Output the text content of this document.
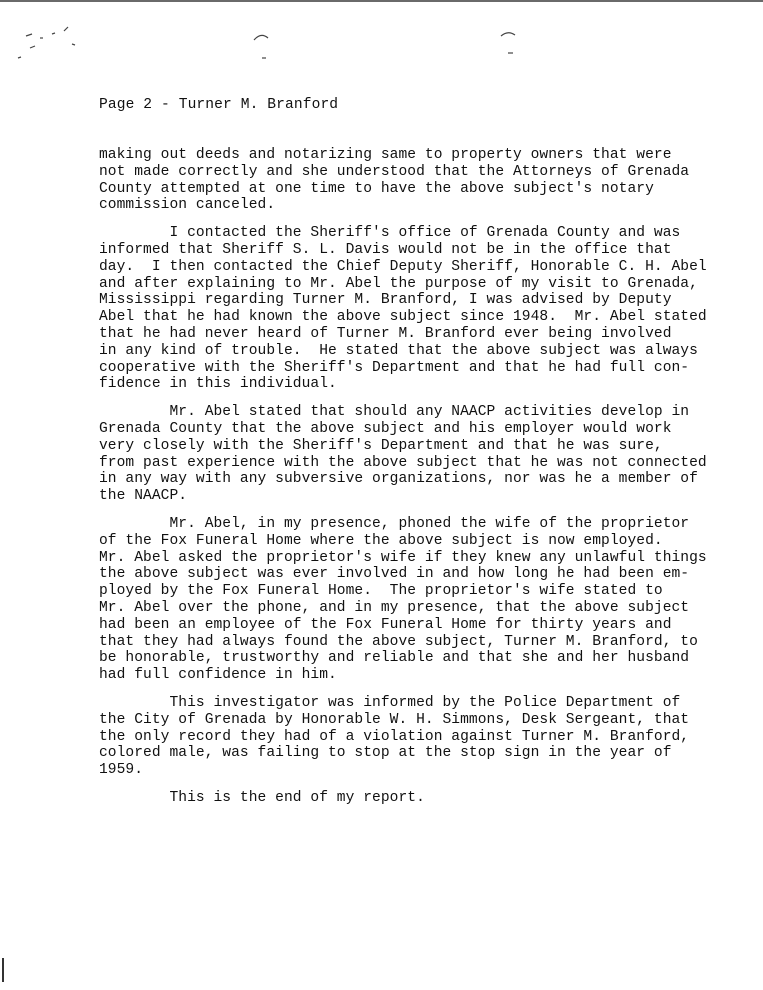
Page 2 - Turner M. Branford
making out deeds and notarizing same to property owners that were
not made correctly and she understood that the Attorneys of Grenada
County attempted at one time to have the above subject's notary
commission canceled.
I contacted the Sheriff's office of Grenada County and was
informed that Sheriff S. L. Davis would not be in the office that
day.  I then contacted the Chief Deputy Sheriff, Honorable C. H. Abel
and after explaining to Mr. Abel the purpose of my visit to Grenada,
Mississippi regarding Turner M. Branford, I was advised by Deputy
Abel that he had known the above subject since 1948.  Mr. Abel stated
that he had never heard of Turner M. Branford ever being involved
in any kind of trouble.  He stated that the above subject was always
cooperative with the Sheriff's Department and that he had full con-
fidence in this individual.
Mr. Abel stated that should any NAACP activities develop in
Grenada County that the above subject and his employer would work
very closely with the Sheriff's Department and that he was sure,
from past experience with the above subject that he was not connected
in any way with any subversive organizations, nor was he a member of
the NAACP.
Mr. Abel, in my presence, phoned the wife of the proprietor
of the Fox Funeral Home where the above subject is now employed.
Mr. Abel asked the proprietor's wife if they knew any unlawful things
the above subject was ever involved in and how long he had been em-
ployed by the Fox Funeral Home.  The proprietor's wife stated to
Mr. Abel over the phone, and in my presence, that the above subject
had been an employee of the Fox Funeral Home for thirty years and
that they had always found the above subject, Turner M. Branford, to
be honorable, trustworthy and reliable and that she and her husband
had full confidence in him.
This investigator was informed by the Police Department of
the City of Grenada by Honorable W. H. Simmons, Desk Sergeant, that
the only record they had of a violation against Turner M. Branford,
colored male, was failing to stop at the stop sign in the year of
1959.
This is the end of my report.
